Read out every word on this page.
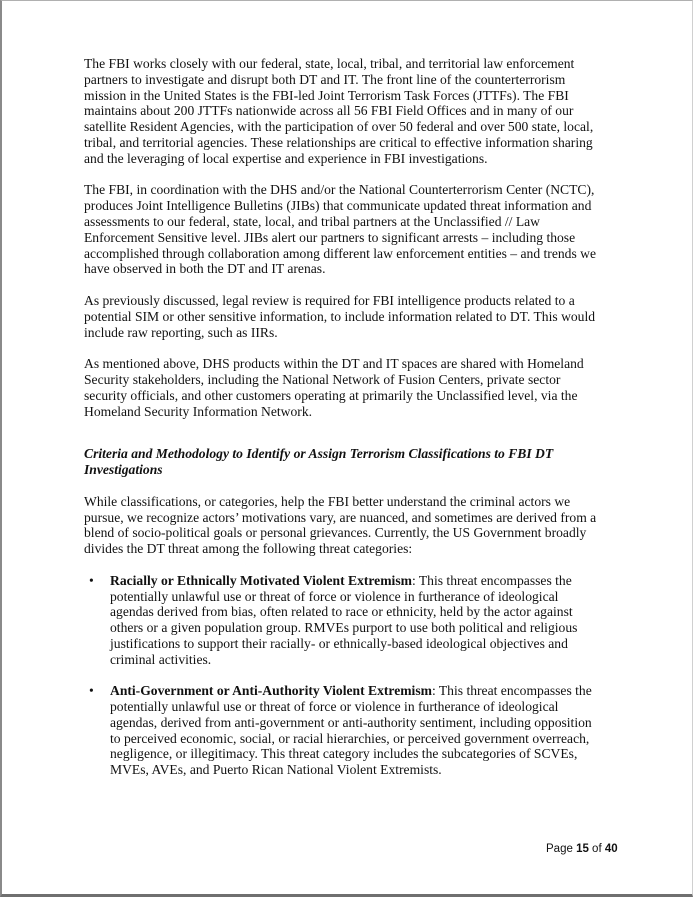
The FBI works closely with our federal, state, local, tribal, and territorial law enforcement partners to investigate and disrupt both DT and IT. The front line of the counterterrorism mission in the United States is the FBI-led Joint Terrorism Task Forces (JTTFs). The FBI maintains about 200 JTTFs nationwide across all 56 FBI Field Offices and in many of our satellite Resident Agencies, with the participation of over 50 federal and over 500 state, local, tribal, and territorial agencies. These relationships are critical to effective information sharing and the leveraging of local expertise and experience in FBI investigations.

The FBI, in coordination with the DHS and/or the National Counterterrorism Center (NCTC), produces Joint Intelligence Bulletins (JIBs) that communicate updated threat information and assessments to our federal, state, local, and tribal partners at the Unclassified // Law Enforcement Sensitive level. JIBs alert our partners to significant arrests – including those accomplished through collaboration among different law enforcement entities – and trends we have observed in both the DT and IT arenas.

As previously discussed, legal review is required for FBI intelligence products related to a potential SIM or other sensitive information, to include information related to DT. This would include raw reporting, such as IIRs.

As mentioned above, DHS products within the DT and IT spaces are shared with Homeland Security stakeholders, including the National Network of Fusion Centers, private sector security officials, and other customers operating at primarily the Unclassified level, via the Homeland Security Information Network.

Criteria and Methodology to Identify or Assign Terrorism Classifications to FBI DT Investigations

While classifications, or categories, help the FBI better understand the criminal actors we pursue, we recognize actors’ motivations vary, are nuanced, and sometimes are derived from a blend of socio-political goals or personal grievances. Currently, the US Government broadly divides the DT threat among the following threat categories:

• Racially or Ethnically Motivated Violent Extremism: This threat encompasses the potentially unlawful use or threat of force or violence in furtherance of ideological agendas derived from bias, often related to race or ethnicity, held by the actor against others or a given population group. RMVEs purport to use both political and religious justifications to support their racially- or ethnically-based ideological objectives and criminal activities.
• Anti-Government or Anti-Authority Violent Extremism: This threat encompasses the potentially unlawful use or threat of force or violence in furtherance of ideological agendas, derived from anti-government or anti-authority sentiment, including opposition to perceived economic, social, or racial hierarchies, or perceived government overreach, negligence, or illegitimacy. This threat category includes the subcategories of SCVEs, MVEs, AVEs, and Puerto Rican National Violent Extremists.
Page 15 of 40
